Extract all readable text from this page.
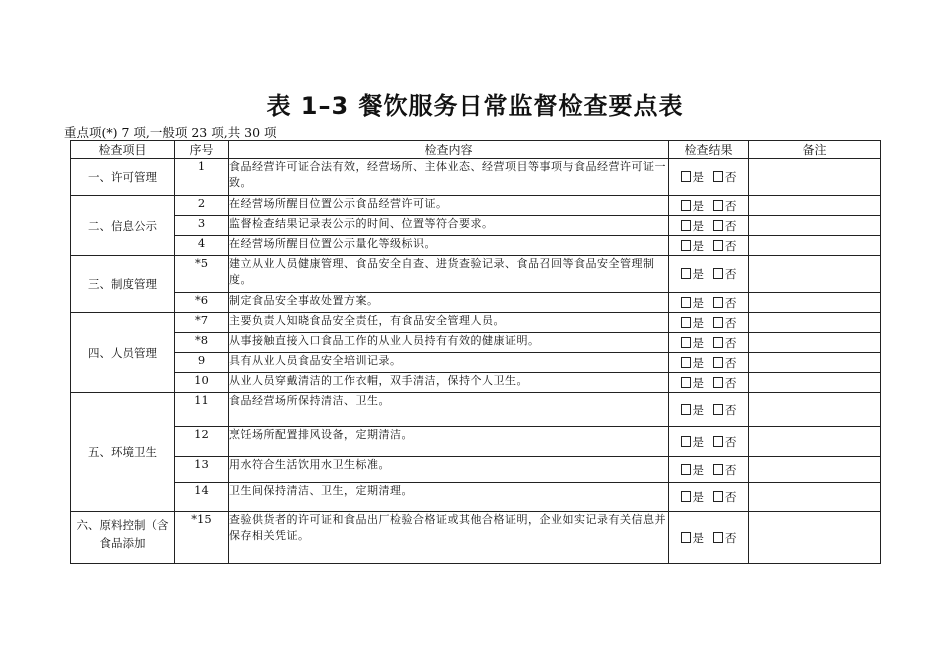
表 1–3 餐饮服务日常监督检查要点表
重点项(*) 7 项,一般项 23 项,共 30 项
检查项目	序号	检查内容	检查结果	备注
一、许可管理	1	食品经营许可证合法有效，经营场所、主体业态、经营项目等事项与食品经营许可证一致。	是 否	
二、信息公示	2	在经营场所醒目位置公示食品经营许可证。	是 否	
	3	监督检查结果记录表公示的时间、位置等符合要求。	是 否	
	4	在经营场所醒目位置公示量化等级标识。	是 否	
三、制度管理	*5	建立从业人员健康管理、食品安全自查、进货查验记录、食品召回等食品安全管理制度。	是 否	
	*6	制定食品安全事故处置方案。	是 否	
四、人员管理	*7	主要负责人知晓食品安全责任，有食品安全管理人员。	是 否	
	*8	从事接触直接入口食品工作的从业人员持有有效的健康证明。	是 否	
	9	具有从业人员食品安全培训记录。	是 否	
	10	从业人员穿戴清洁的工作衣帽，双手清洁，保持个人卫生。	是 否	
五、环境卫生	11	食品经营场所保持清洁、卫生。	是 否	
	12	烹饪场所配置排风设备，定期清洁。	是 否	
	13	用水符合生活饮用水卫生标准。	是 否	
	14	卫生间保持清洁、卫生，定期清理。	是 否	
六、原料控制（含食品添加	*15	查验供货者的许可证和食品出厂检验合格证或其他合格证明，企业如实记录有关信息并保存相关凭证。	是 否	
